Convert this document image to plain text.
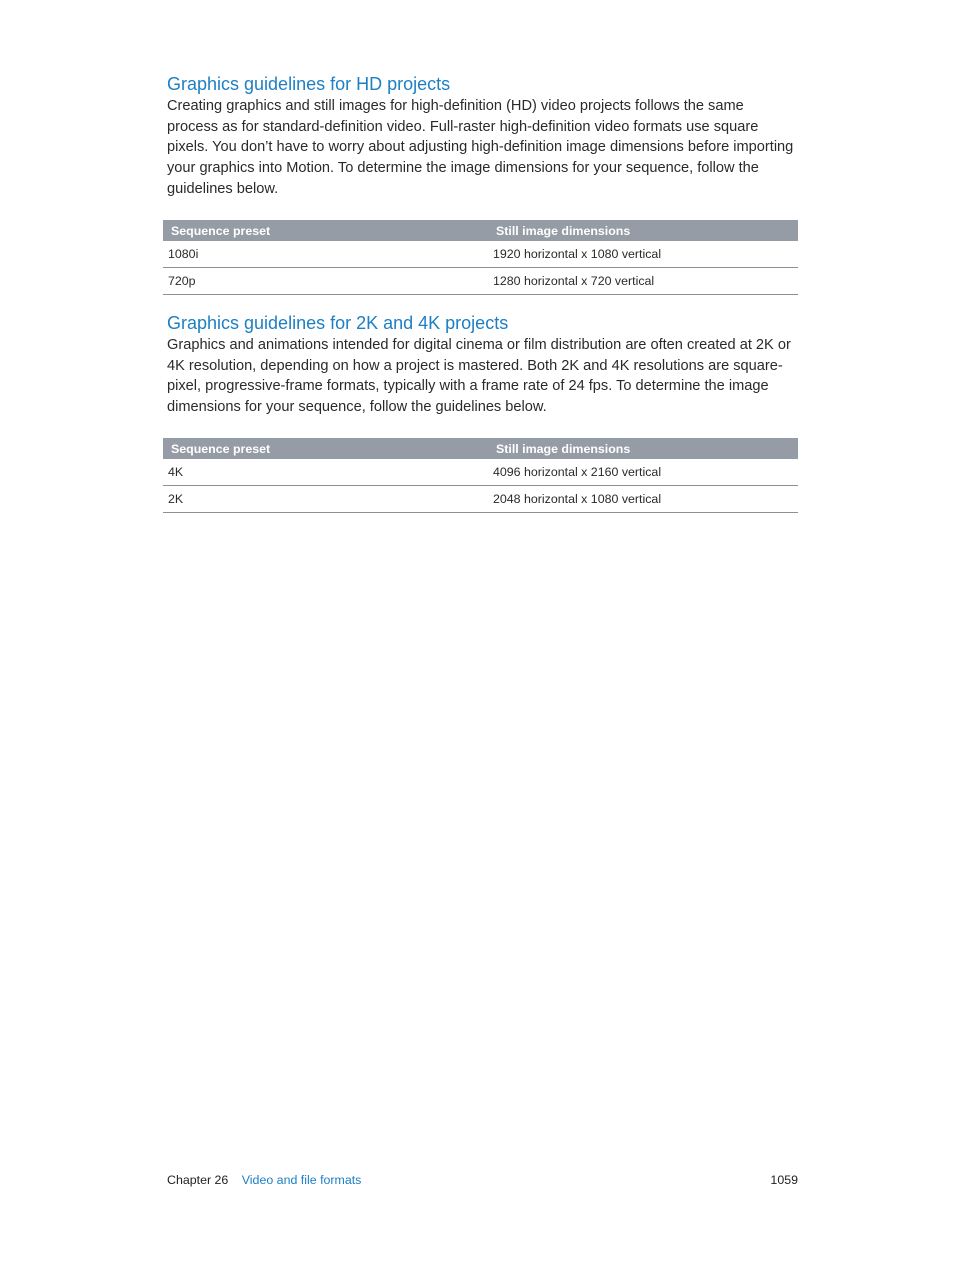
Graphics guidelines for HD projects

Creating graphics and still images for high-definition (HD) video projects follows the same process as for standard-definition video. Full-raster high-definition video formats use square pixels. You don’t have to worry about adjusting high-definition image dimensions before importing your graphics into Motion. To determine the image dimensions for your sequence, follow the guidelines below.

Sequence preset	Still image dimensions
1080i	1920 horizontal x 1080 vertical
720p	1280 horizontal x 720 vertical
Graphics guidelines for 2K and 4K projects

Graphics and animations intended for digital cinema or film distribution are often created at 2K or 4K resolution, depending on how a project is mastered. Both 2K and 4K resolutions are square-pixel, progressive-frame formats, typically with a frame rate of 24 fps. To determine the image dimensions for your sequence, follow the guidelines below.

Sequence preset	Still image dimensions
4K	4096 horizontal x 2160 vertical
2K	2048 horizontal x 1080 vertical
Chapter 26 Video and file formats	1059
